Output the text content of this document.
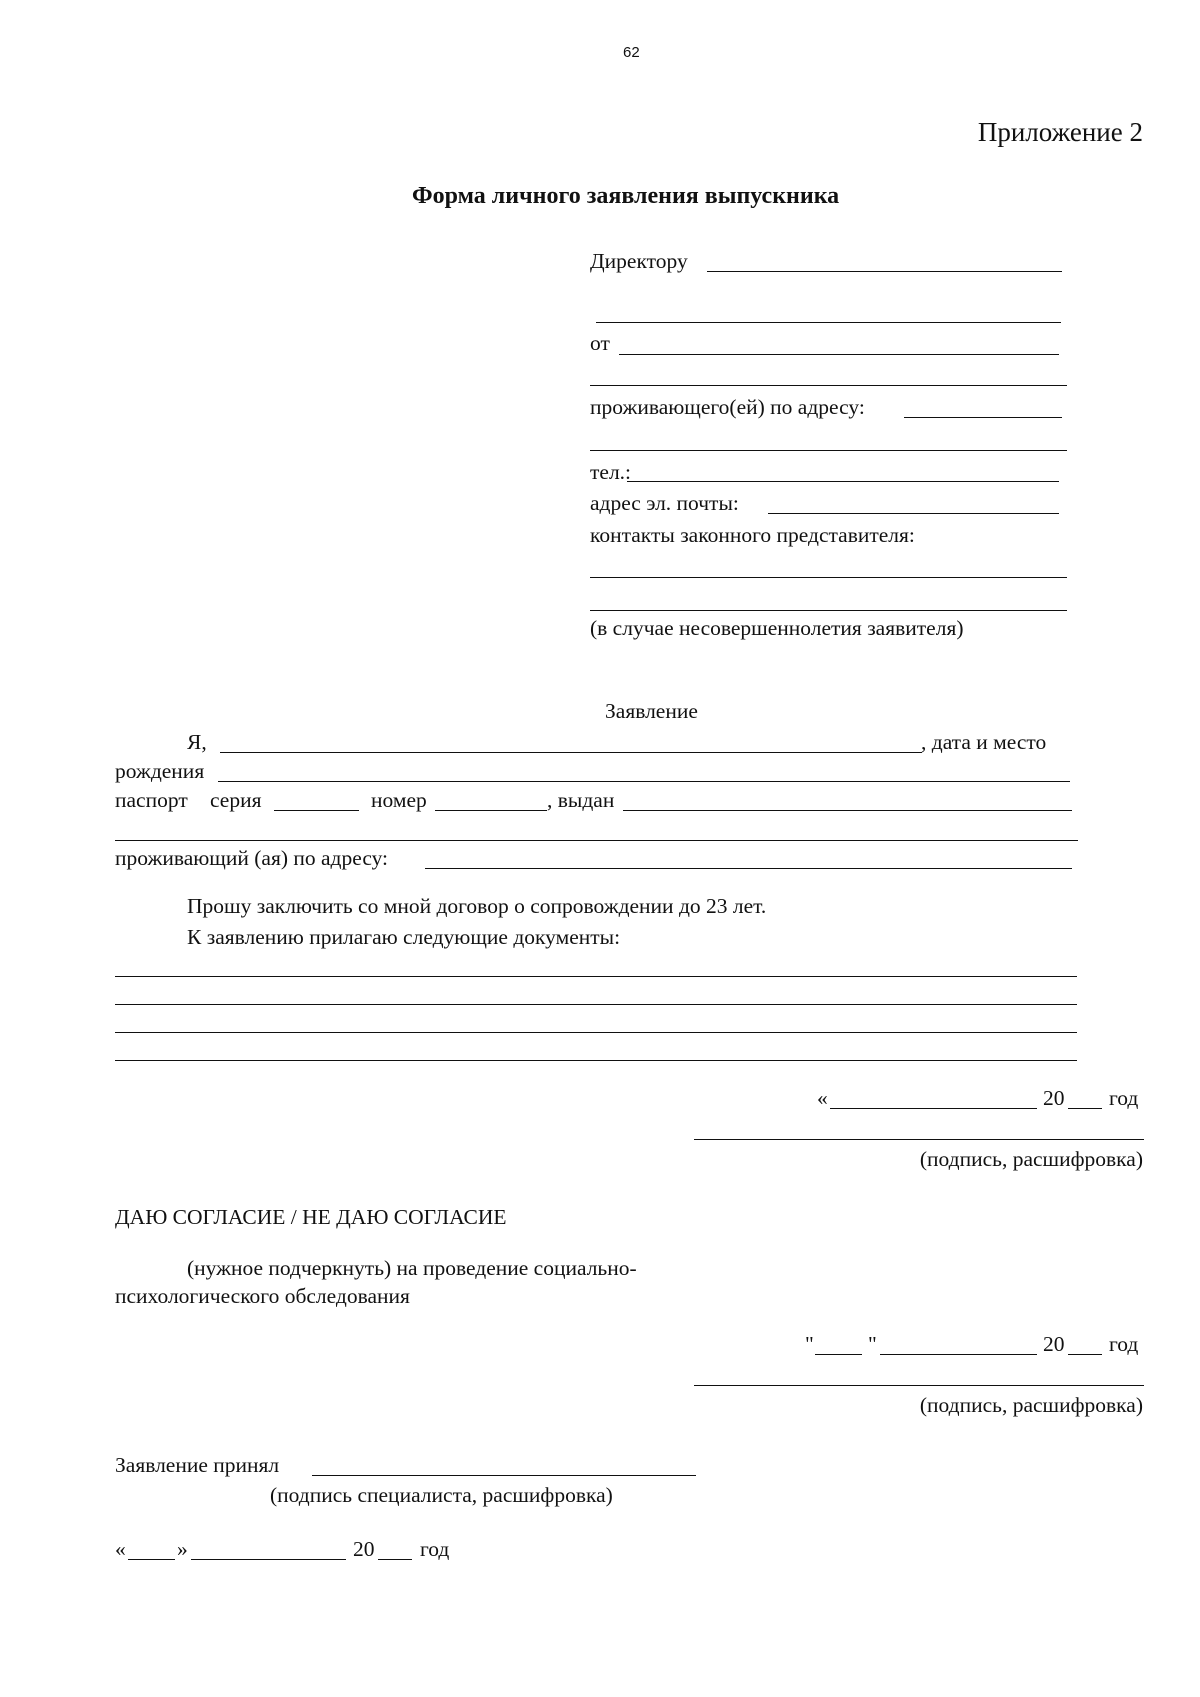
62
Приложение 2
Форма личного заявления выпускника
Директору
от
проживающего(ей) по адресу:
тел.:
адрес эл. почты:
контакты законного представителя:
(в случае несовершеннолетия заявителя)
Заявление
Я,	, дата и место
рождения
паспорт серия	номер	, выдан
проживающий (ая) по адресу:
Прошу заключить со мной договор о сопровождении до 23 лет.
К заявлению прилагаю следующие документы:
«	20 год
(подпись, расшифровка)
ДАЮ СОГЛАСИЕ / НЕ ДАЮ СОГЛАСИЕ
(нужное подчеркнуть) на проведение социально-
психологического обследования
"	"	20 год
(подпись, расшифровка)
Заявление принял
(подпись специалиста, расшифровка)
« »	20 год
